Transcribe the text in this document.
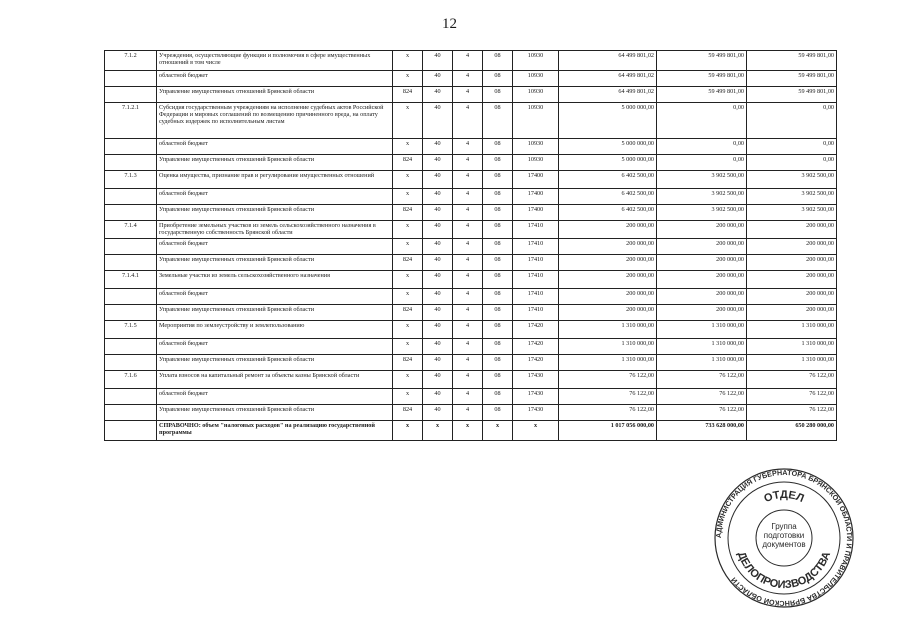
12
7.1.2	Учреждения, осуществляющие функции и полномочия в сфере имущественных отношений в том числе	х	40	4	08	10930	64 499 801,02	59 499 801,00	59 499 801,00
	областной бюджет	х	40	4	08	10930	64 499 801,02	59 499 801,00	59 499 801,00
	Управление имущественных отношений Брянской области	824	40	4	08	10930	64 499 801,02	59 499 801,00	59 499 801,00
7.1.2.1	Субсидия государственным учреждениям на исполнение судебных актов Российской Федерации и мировых соглашений по возмещению причиненного вреда, на оплату судебных издержек по исполнительным листам	х	40	4	08	10930	5 000 000,00	0,00	0,00
	областной бюджет	х	40	4	08	10930	5 000 000,00	0,00	0,00
	Управление имущественных отношений Брянской области	824	40	4	08	10930	5 000 000,00	0,00	0,00
7.1.3	Оценка имущества, признание прав и регулирование имущественных отношений	х	40	4	08	17400	6 402 500,00	3 902 500,00	3 902 500,00
	областной бюджет	х	40	4	08	17400	6 402 500,00	3 902 500,00	3 902 500,00
	Управление имущественных отношений Брянской области	824	40	4	08	17400	6 402 500,00	3 902 500,00	3 902 500,00
7.1.4	Приобретение земельных участков из земель сельскохозяйственного назначения в государственную собственность Брянской области	х	40	4	08	17410	200 000,00	200 000,00	200 000,00
	областной бюджет	х	40	4	08	17410	200 000,00	200 000,00	200 000,00
	Управление имущественных отношений Брянской области	824	40	4	08	17410	200 000,00	200 000,00	200 000,00
7.1.4.1	Земельные участки из земель сельскохозяйственного назначения	х	40	4	08	17410	200 000,00	200 000,00	200 000,00
	областной бюджет	х	40	4	08	17410	200 000,00	200 000,00	200 000,00
	Управление имущественных отношений Брянской области	824	40	4	08	17410	200 000,00	200 000,00	200 000,00
7.1.5	Мероприятия по землеустройству и землепользованию	х	40	4	08	17420	1 310 000,00	1 310 000,00	1 310 000,00
	областной бюджет	х	40	4	08	17420	1 310 000,00	1 310 000,00	1 310 000,00
	Управление имущественных отношений Брянской области	824	40	4	08	17420	1 310 000,00	1 310 000,00	1 310 000,00
7.1.6	Уплата взносов на капитальный ремонт за объекты казны Брянской области	х	40	4	08	17430	76 122,00	76 122,00	76 122,00
	областной бюджет	х	40	4	08	17430	76 122,00	76 122,00	76 122,00
	Управление имущественных отношений Брянской области	824	40	4	08	17430	76 122,00	76 122,00	76 122,00
	СПРАВОЧНО: объем "налоговых расходов" на реализацию государственной программы	х	х	х	х	х	1 017 056 000,00	733 628 000,00	650 280 000,00
АДМИНИСТРАЦИЯ ГУБЕРНАТОРА БРЯНСКОЙ ОБЛАСТИ И ПРАВИТЕЛЬСТВА БРЯНСКОЙ ОБЛАСТИ
ОТДЕЛ
ДЕЛОПРОИЗВОДСТВА
Группа подготовки документов
